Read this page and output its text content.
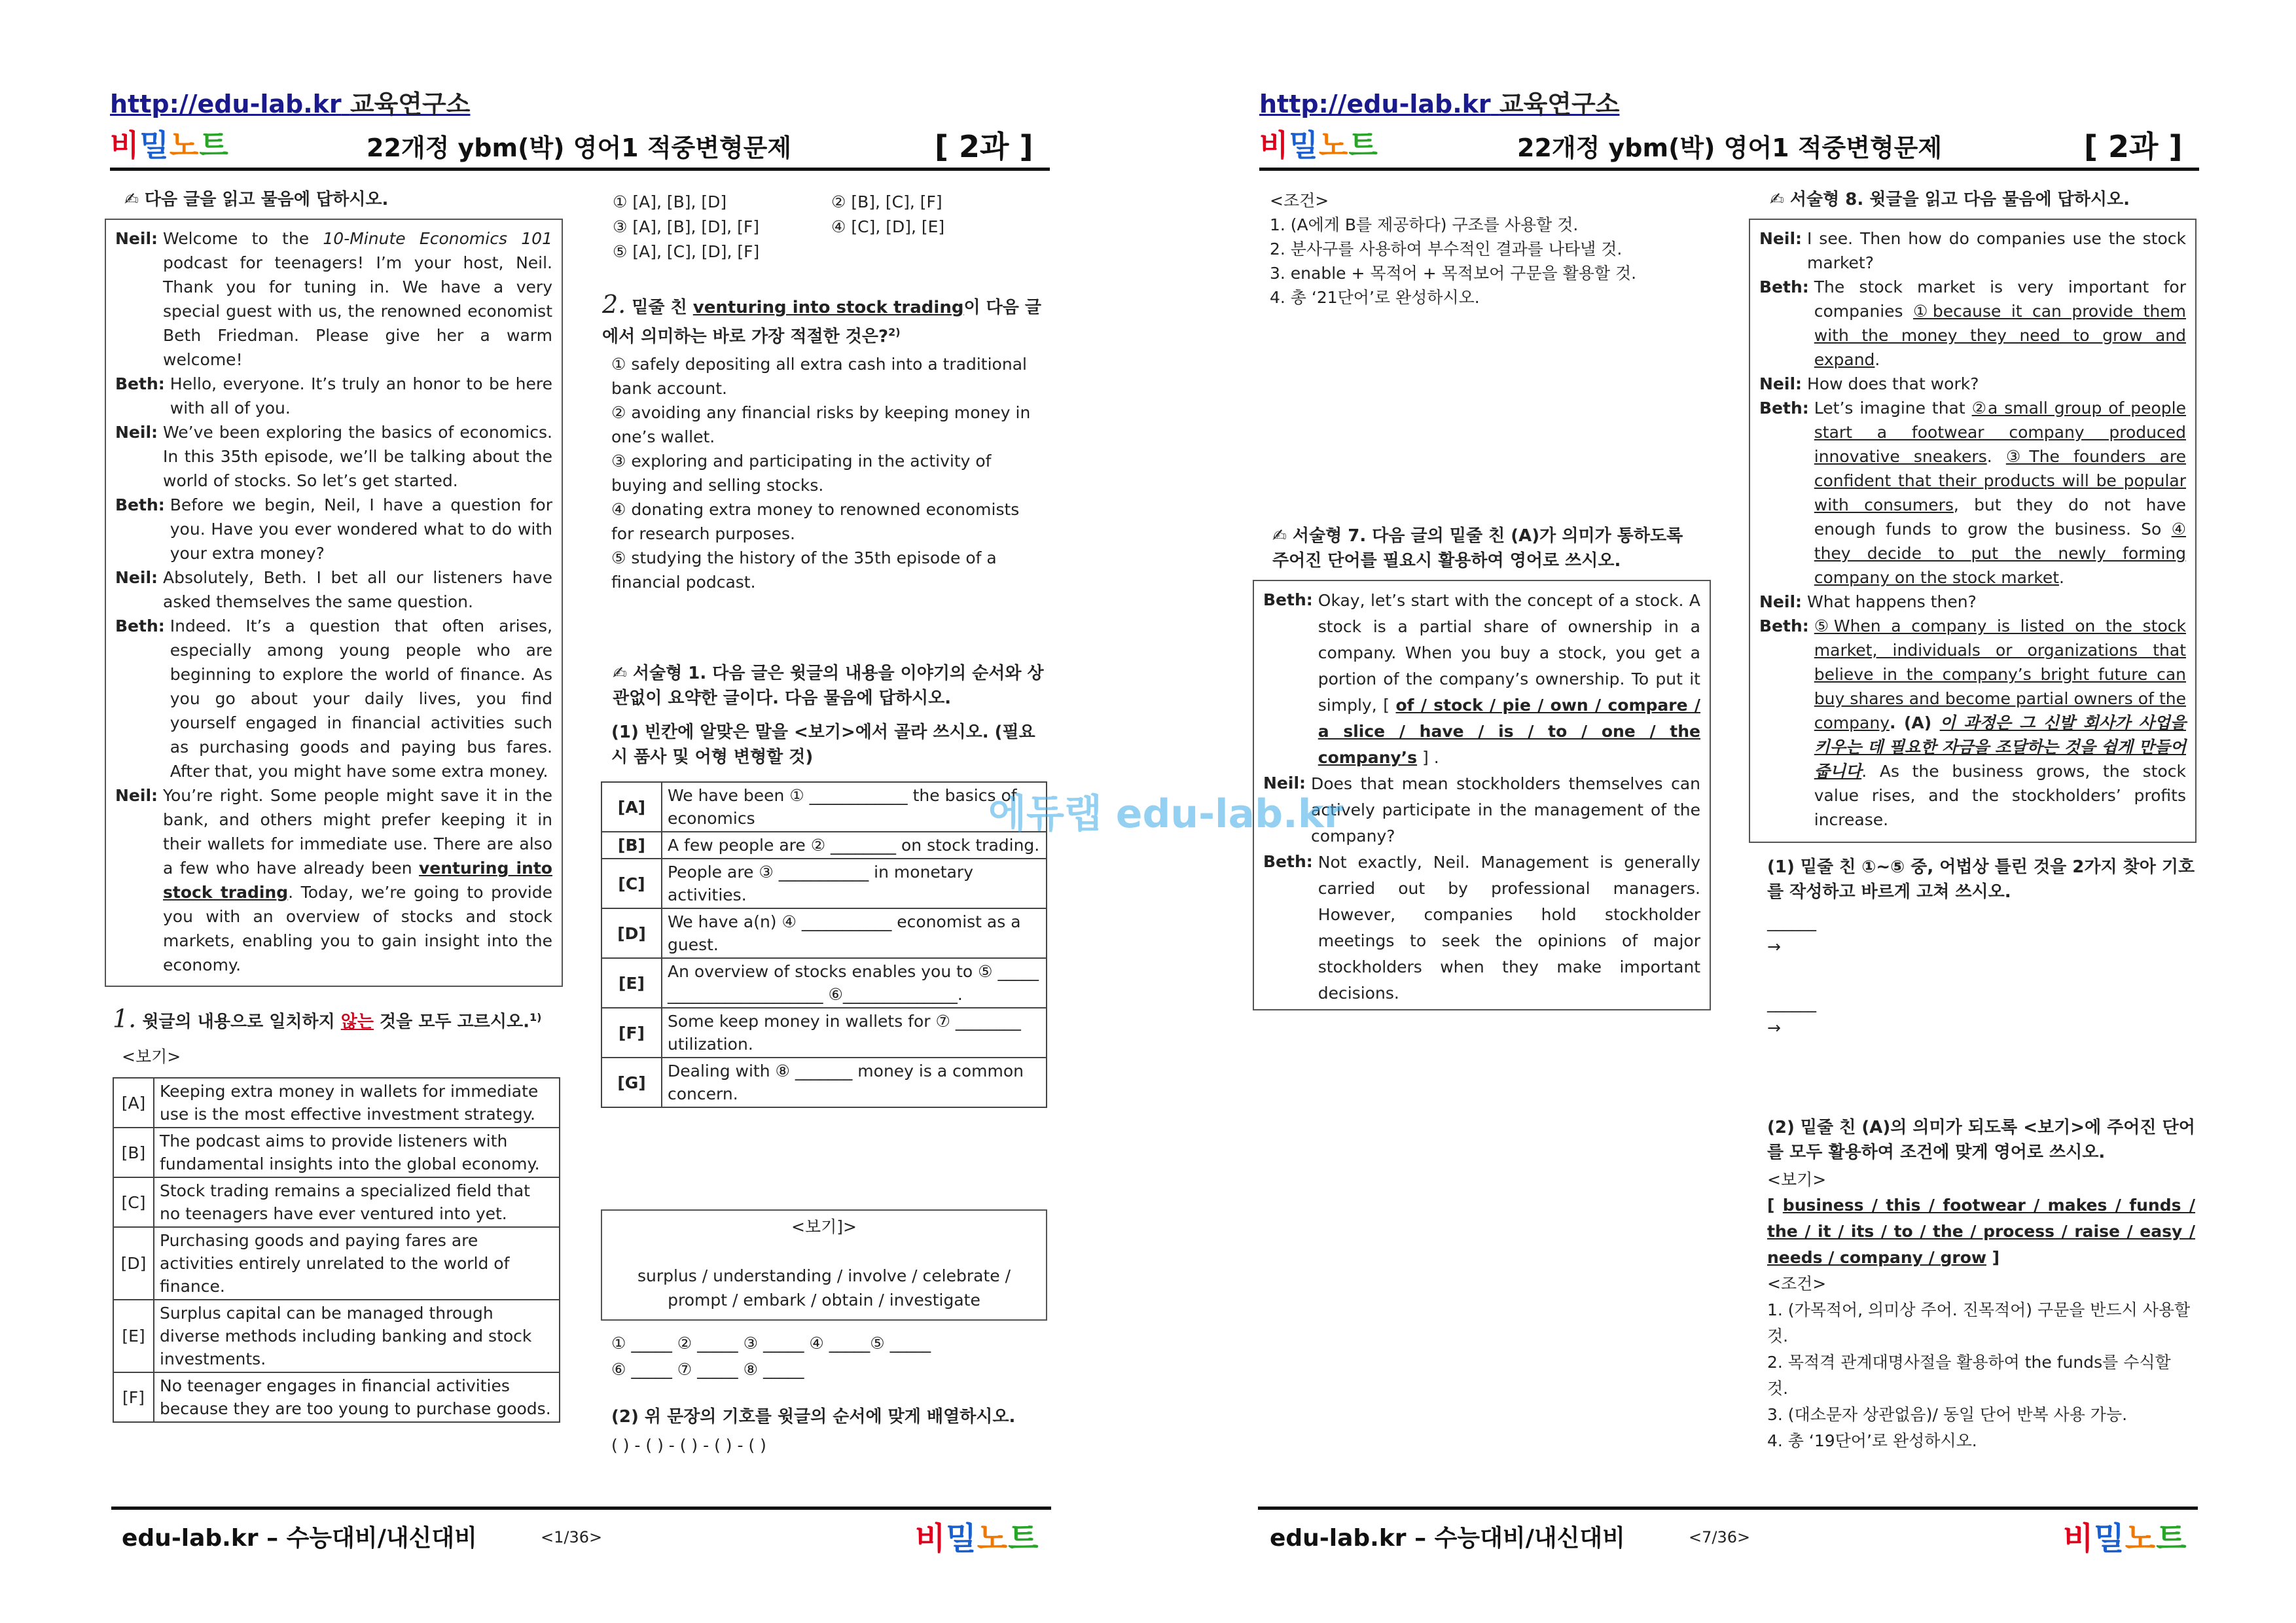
http://edu-lab.kr 교육연구소
비밀노트	22개정 ybm(박) 영어1 적중변형문제	[ 2과 ]
✍ 다음 글을 읽고 물음에 답하시오.
Neil: Welcome to the 10-Minute Economics 101 podcast for teenagers! I’m your host, Neil. Thank you for tuning in. We have a very special guest with us, the renowned economist Beth Friedman. Please give her a warm welcome!
Beth: Hello, everyone. It’s truly an honor to be here with all of you.
Neil: We’ve been exploring the basics of economics. In this 35th episode, we’ll be talking about the world of stocks. So let’s get started.
Beth: Before we begin, Neil, I have a question for you. Have you ever wondered what to do with your extra money?
Neil: Absolutely, Beth. I bet all our listeners have asked themselves the same question.
Beth: Indeed. It’s a question that often arises, especially among young people who are beginning to explore the world of finance. As you go about your daily lives, you find yourself engaged in financial activities such as purchasing goods and paying bus fares. After that, you might have some extra money.
Neil: You’re right. Some people might save it in the bank, and others might prefer keeping it in their wallets for immediate use. There are also a few who have already been venturing into stock trading. Today, we’re going to provide you with an overview of stocks and stock markets, enabling you to gain insight into the economy.
1. 윗글의 내용으로 일치하지 않는 것을 모두 고르시오.$^{1)}$
<보기>
[A]	Keeping extra money in wallets for immediate use is the most effective investment strategy.
[B]	The podcast aims to provide listeners with fundamental insights into the global economy.
[C]	Stock trading remains a specialized field that no teenagers have ever ventured into yet.
[D]	Purchasing goods and paying fares are activities entirely unrelated to the world of finance.
[E]	Surplus capital can be managed through diverse methods including banking and stock investments.
[F]	No teenager engages in financial activities because they are too young to purchase goods.
① [A], [B], [D]	② [B], [C], [F]
③ [A], [B], [D], [F]	④ [C], [D], [E]
⑤ [A], [C], [D], [F]
2. 밑줄 친 venturing into stock trading이 다음 글에서 의미하는 바로 가장 적절한 것은?$^{2)}$
① safely depositing all extra cash into a traditional bank account.
② avoiding any financial risks by keeping money in one’s wallet.
③ exploring and participating in the activity of buying and selling stocks.
④ donating extra money to renowned economists for research purposes.
⑤ studying the history of the 35th episode of a financial podcast.
✍ 서술형 1. 다음 글은 윗글의 내용을 이야기의 순서와 상관없이 요약한 글이다. 다음 물음에 답하시오.
(1) 빈칸에 알맞은 말을 <보기>에서 골라 쓰시오. (필요시 품사 및 어형 변형할 것)
[A]	We have been ① ____________ the basics of economics
[B]	A few people are ② ________ on stock trading.
[C]	People are ③ ___________ in monetary activities.
[D]	We have a(n) ④ ___________ economist as a guest.
[E]	An overview of stocks enables you to ⑤ _____ ___________________ ⑥______________.
[F]	Some keep money in wallets for ⑦ ________ utilization.
[G]	Dealing with ⑧ _______ money is a common concern.
<보기]>
surplus / understanding / involve / celebrate / prompt / embark / obtain / investigate
① _____ ② _____ ③ _____ ④ _____⑤ _____
⑥ _____ ⑦ _____ ⑧ _____
(2) 위 문장의 기호를 윗글의 순서에 맞게 배열하시오.
( ) - ( ) - ( ) - ( ) - ( )
edu-lab.kr – 수능대비/내신대비	<1/36>	비밀노트
http://edu-lab.kr 교육연구소
비밀노트	22개정 ybm(박) 영어1 적중변형문제	[ 2과 ]
<조건>
1. (A에게 B를 제공하다) 구조를 사용할 것.
2. 분사구를 사용하여 부수적인 결과를 나타낼 것.
3. enable + 목적어 + 목적보어 구문을 활용할 것.
4. 총 ‘21단어’로 완성하시오.
✍ 서술형 7. 다음 글의 밑줄 친 (A)가 의미가 통하도록 주어진 단어를 필요시 활용하여 영어로 쓰시오.
Beth: Okay, let’s start with the concept of a stock. A stock is a partial share of ownership in a company. When you buy a stock, you get a portion of the company’s ownership. To put it simply, [ of / stock / pie / own / compare / a slice / have / is / to / one / the company’s ] .
Neil: Does that mean stockholders themselves can actively participate in the management of the company?
Beth: Not exactly, Neil. Management is generally carried out by professional managers. However, companies hold stockholder meetings to seek the opinions of major stockholders when they make important decisions.
✍ 서술형 8. 윗글을 읽고 다음 물음에 답하시오.
Neil: I see. Then how do companies use the stock market?
Beth: The stock market is very important for companies ①because it can provide them with the money they need to grow and expand.
Neil: How does that work?
Beth: Let’s imagine that ②a small group of people start a footwear company produced innovative sneakers. ③The founders are confident that their products will be popular with consumers, but they do not have enough funds to grow the business. So ④ they decide to put the newly forming company on the stock market.
Neil: What happens then?
Beth: ⑤When a company is listed on the stock market, individuals or organizations that believe in the company’s bright future can buy shares and become partial owners of the company. (A) 이 과정은 그 신발 회사가 사업을 키우는 데 필요한 자금을 조달하는 것을 쉽게 만들어 줍니다. As the business grows, the stock value rises, and the stockholders’ profits increase.
(1) 밑줄 친 ①~⑤ 중, 어법상 틀린 것을 2가지 찾아 기호를 작성하고 바르게 고쳐 쓰시오.
______
→
______
→
(2) 밑줄 친 (A)의 의미가 되도록 <보기>에 주어진 단어를 모두 활용하여 조건에 맞게 영어로 쓰시오.
<보기>
[ business / this / footwear / makes / funds / the / it / its / to / the / process / raise / easy / needs / company / grow ]
<조건>
1. (가목적어, 의미상 주어. 진목적어) 구문을 반드시 사용할 것.
2. 목적격 관계대명사절을 활용하여 the funds를 수식할 것.
3. (대소문자 상관없음)/ 동일 단어 반복 사용 가능.
4. 총 ‘19단어’로 완성하시오.
edu-lab.kr – 수능대비/내신대비	<7/36>	비밀노트
에듀랩 edu-lab.kr
